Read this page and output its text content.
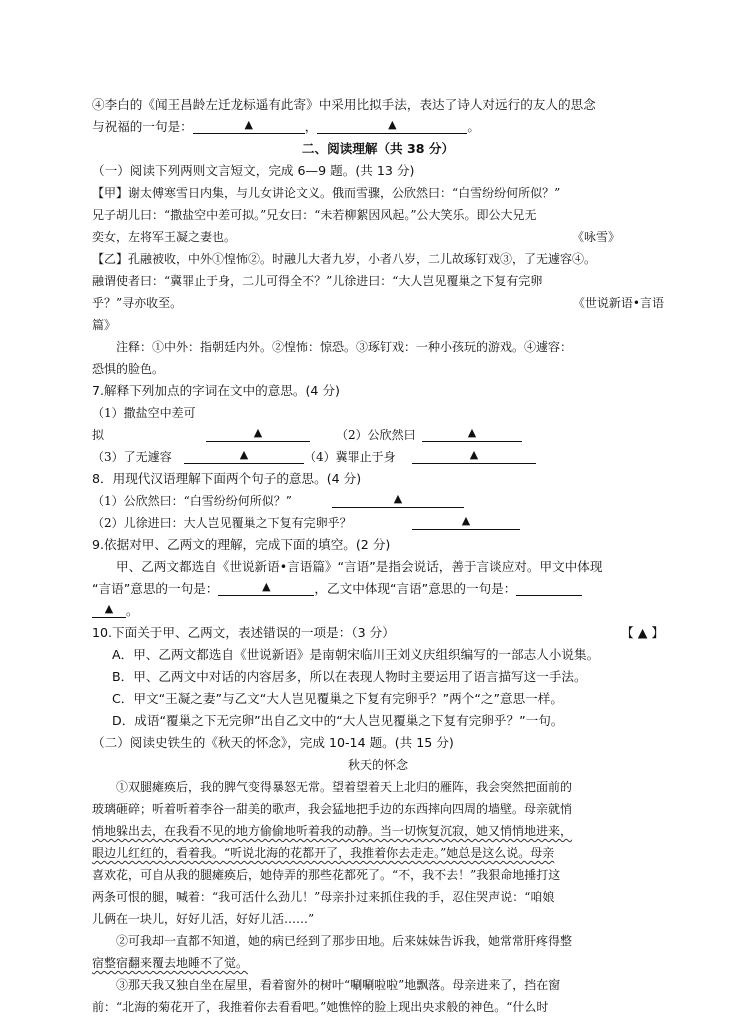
④李白的《闻王昌龄左迁龙标遥有此寄》中采用比拟手法，表达了诗人对远行的友人的思念

与祝福的一句是：	▲	，	▲	。

二、阅读理解（共 38 分）

（一）阅读下列两则文言短文，完成 6—9 题。(共 13 分)

【甲】谢太傅寒雪日内集，与儿女讲论文义。俄而雪骤，公欣然曰：“白雪纷纷何所似？”

兄子胡儿曰：“撒盐空中差可拟。”兄女曰：“未若柳絮因风起。”公大笑乐。即公大兄无

奕女，左将军王凝之妻也。	《咏雪》

【乙】孔融被收，中外①惶怖②。时融儿大者九岁，小者八岁，二儿故琢钉戏③，了无遽容④。

融谓使者曰：“冀罪止于身，二儿可得全不？”儿徐进曰：“大人岂见覆巢之下复有完卵

乎？”寻亦收至。	《世说新语•言语

篇》

注释：①中外：指朝廷内外。②惶怖：惊恐。③琢钉戏：一种小孩玩的游戏。④遽容：

恐惧的脸色。

7.解释下列加点的字词在文中的意思。(4 分)

（1）撒盐空中差可拟	▲	（2）公欣然曰	▲

（3）了无遽容	▲	（4）冀罪止于身	▲

8．用现代汉语理解下面两个句子的意思。(4 分)

（1）公欣然曰：“白雪纷纷何所似？”	▲

（2）儿徐进曰：大人岂见覆巢之下复有完卵乎？	▲

9.依据对甲、乙两文的理解，完成下面的填空。(2 分)

甲、乙两文都选自《世说新语•言语篇》“言语”是指会说话，善于言谈应对。甲文中体现

“言语”意思的一句是：	▲	，乙文中体现“言语”意思的一句是：

▲ 。

10.下面关于甲、乙两文，表述错误的一项是：（3 分）	【 ▲ 】

A．甲、乙两文都选自《世说新语》是南朝宋临川王刘义庆组织编写的一部志人小说集。

B．甲、乙两文中对话的内容居多，所以在表现人物时主要运用了语言描写这一手法。

C．甲文“王凝之妻”与乙文“大人岂见覆巢之下复有完卵乎？”两个“之”意思一样。

D．成语“覆巢之下无完卵”出自乙文中的“大人岂见覆巢之下复有完卵乎？”一句。

（二）阅读史铁生的《秋天的怀念》，完成 10-14 题。(共 15 分)

秋天的怀念

①双腿瘫痪后，我的脾气变得暴怒无常。望着望着天上北归的雁阵，我会突然把面前的

玻璃砸碎；听着听着李谷一甜美的歌声，我会猛地把手边的东西摔向四周的墙壁。母亲就悄

悄地躲出去，在我看不见的地方偷偷地听着我的动静。当一切恢复沉寂，她又悄悄地进来，

眼边儿红红的，看着我。“听说北海的花都开了，我推着你去走走。”她总是这么说。母亲

喜欢花，可自从我的腿瘫痪后，她侍弄的那些花都死了。“不，我不去！”我狠命地捶打这

两条可恨的腿，喊着：“我可活什么劲儿！”母亲扑过来抓住我的手，忍住哭声说：“咱娘

儿俩在一块儿，好好儿活，好好儿活……”

②可我却一直都不知道，她的病已经到了那步田地。后来妹妹告诉我，她常常肝疼得整

宿整宿翻来覆去地睡不了觉。

③那天我又独自坐在屋里，看着窗外的树叶“唰唰啦啦”地飘落。母亲进来了，挡在窗

前：“北海的菊花开了，我推着你去看看吧。”她憔悴的脸上现出央求般的神色。“什么时
